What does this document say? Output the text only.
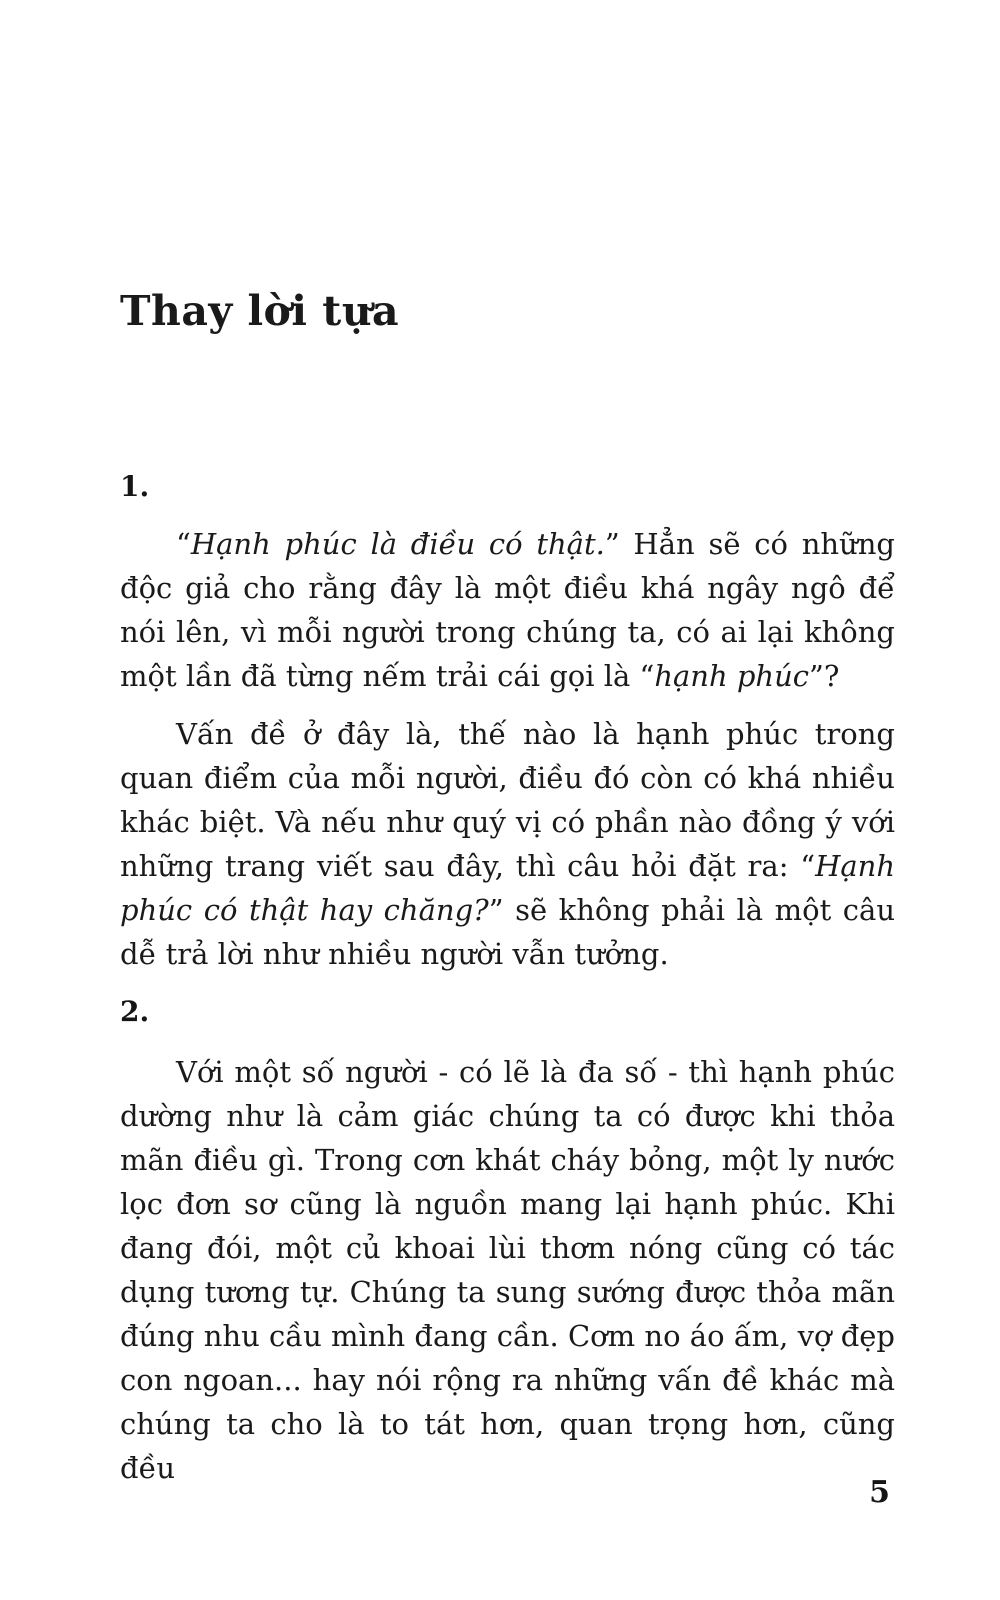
Thay lời tựa
1.

“Hạnh phúc là điều có thật.” Hẳn sẽ có những độc giả cho rằng đây là một điều khá ngây ngô để nói lên, vì mỗi người trong chúng ta, có ai lại không một lần đã từng nếm trải cái gọi là “hạnh phúc”?

Vấn đề ở đây là, thế nào là hạnh phúc trong quan điểm của mỗi người, điều đó còn có khá nhiều khác biệt. Và nếu như quý vị có phần nào đồng ý với những trang viết sau đây, thì câu hỏi đặt ra: “Hạnh phúc có thật hay chăng?” sẽ không phải là một câu dễ trả lời như nhiều người vẫn tưởng.

2.

Với một số người - có lẽ là đa số - thì hạnh phúc dường như là cảm giác chúng ta có được khi thỏa mãn điều gì. Trong cơn khát cháy bỏng, một ly nước lọc đơn sơ cũng là nguồn mang lại hạnh phúc. Khi đang đói, một củ khoai lùi thơm nóng cũng có tác dụng tương tự. Chúng ta sung sướng được thỏa mãn đúng nhu cầu mình đang cần. Cơm no áo ấm, vợ đẹp con ngoan... hay nói rộng ra những vấn đề khác mà chúng ta cho là to tát hơn, quan trọng hơn, cũng đều

5
